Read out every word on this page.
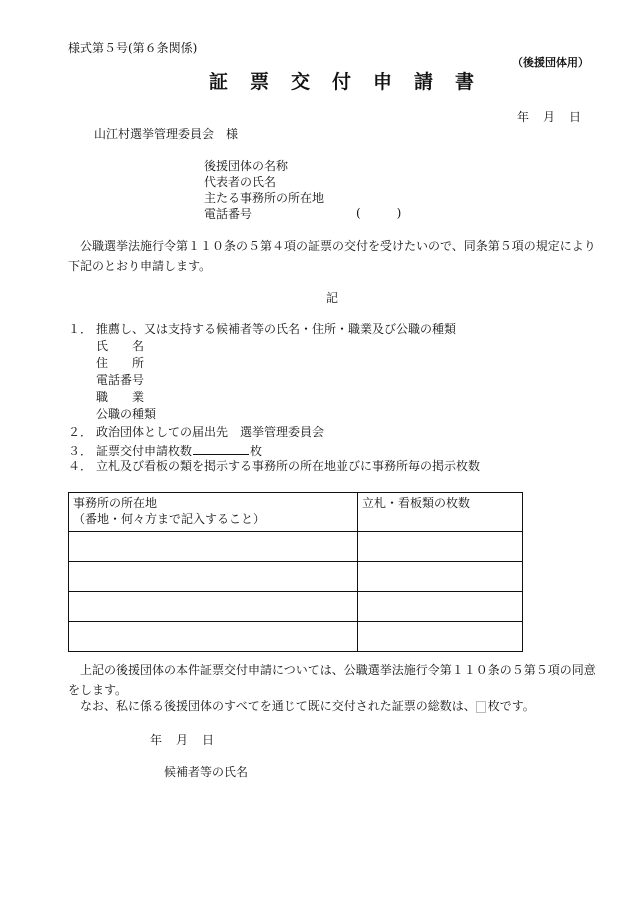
様式第５号(第６条関係)
（後援団体用）
証票交付申請書
年 月 日
山江村選挙管理委員会　様
後援団体の名称
代表者の氏名
主たる事務所の所在地
電話番号	(　　　)
　公職選挙法施行令第１１０条の５第４項の証票の交付を受けたいので、同条第５項の規定により下記のとおり申請します。
記
１． 推薦し、又は支持する候補者等の氏名・住所・職業及び公職の種類
氏　　名
住　　所
電話番号
職　　業
公職の種類
２． 政治団体としての届出先　選挙管理委員会
３． 証票交付申請枚数	枚
４． 立札及び看板の類を掲示する事務所の所在地並びに事務所毎の掲示枚数
事務所の所在地
（番地・何々方まで記入すること）	立札・看板類の枚数

　上記の後援団体の本件証票交付申請については、公職選挙法施行令第１１０条の５第５項の同意をします。
　なお、私に係る後援団体のすべてを通じて既に交付された証票の総数は、 枚です。
年 月 日
候補者等の氏名
